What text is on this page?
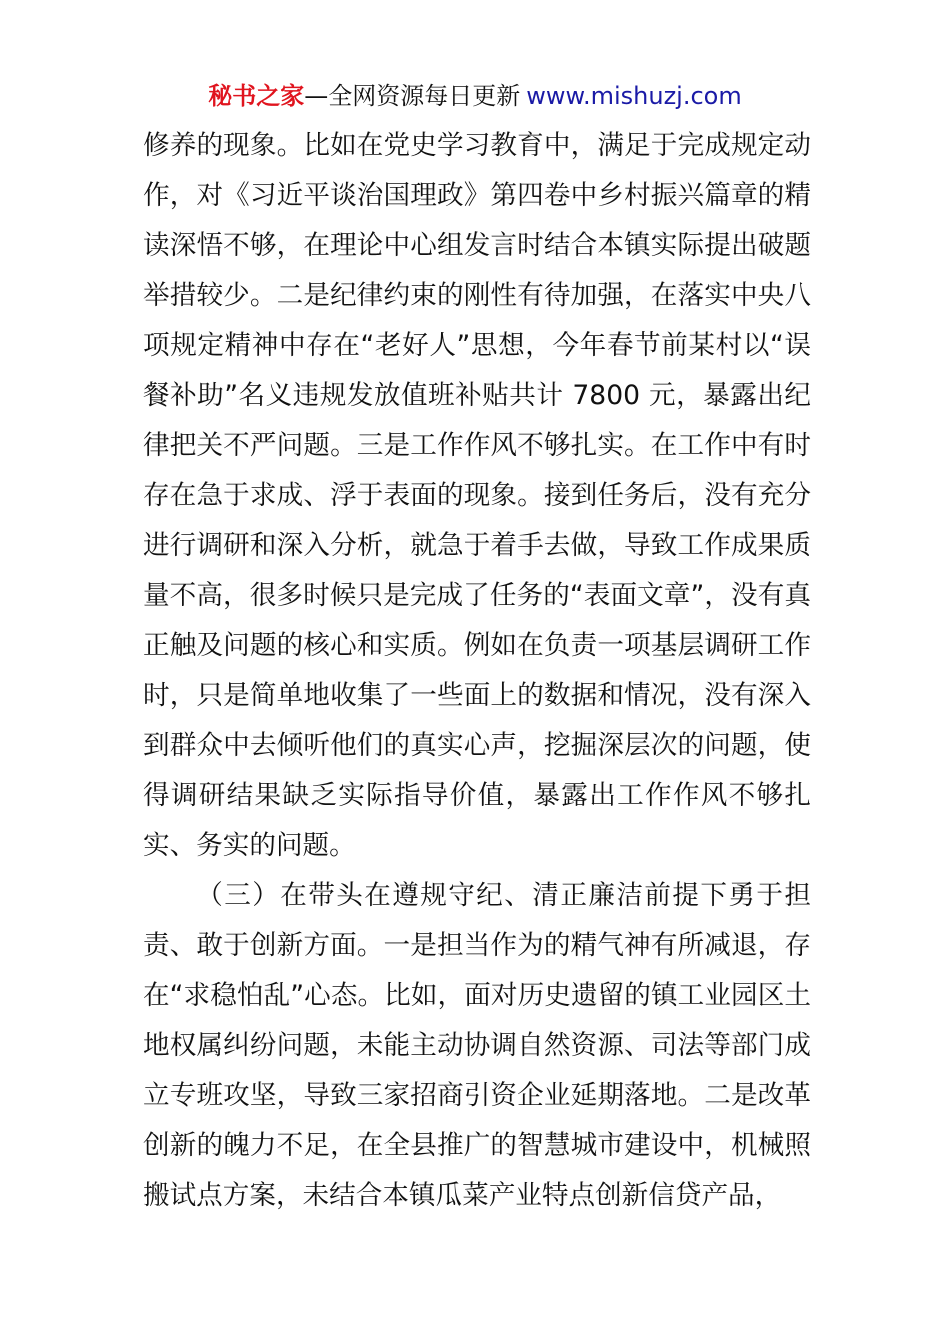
秘书之家—全网资源每日更新 www.mishuzj.com

修养的现象。比如在党史学习教育中，满足于完成规定动作，对《习近平谈治国理政》第四卷中乡村振兴篇章的精读深悟不够，在理论中心组发言时结合本镇实际提出破题举措较少。二是纪律约束的刚性有待加强，在落实中央八项规定精神中存在“老好人”思想，今年春节前某村以“误餐补助”名义违规发放值班补贴共计 7800 元，暴露出纪律把关不严问题。三是工作作风不够扎实。在工作中有时存在急于求成、浮于表面的现象。接到任务后，没有充分进行调研和深入分析，就急于着手去做，导致工作成果质量不高，很多时候只是完成了任务的“表面文章”，没有真正触及问题的核心和实质。例如在负责一项基层调研工作时，只是简单地收集了一些面上的数据和情况，没有深入到群众中去倾听他们的真实心声，挖掘深层次的问题，使得调研结果缺乏实际指导价值，暴露出工作作风不够扎实、务实的问题。

（三）在带头在遵规守纪、清正廉洁前提下勇于担责、敢于创新方面。一是担当作为的精气神有所减退，存在“求稳怕乱”心态。比如，面对历史遗留的镇工业园区土地权属纠纷问题，未能主动协调自然资源、司法等部门成立专班攻坚，导致三家招商引资企业延期落地。二是改革创新的魄力不足，在全县推广的智慧城市建设中，机械照搬试点方案，未结合本镇瓜菜产业特点创新信贷产品，
